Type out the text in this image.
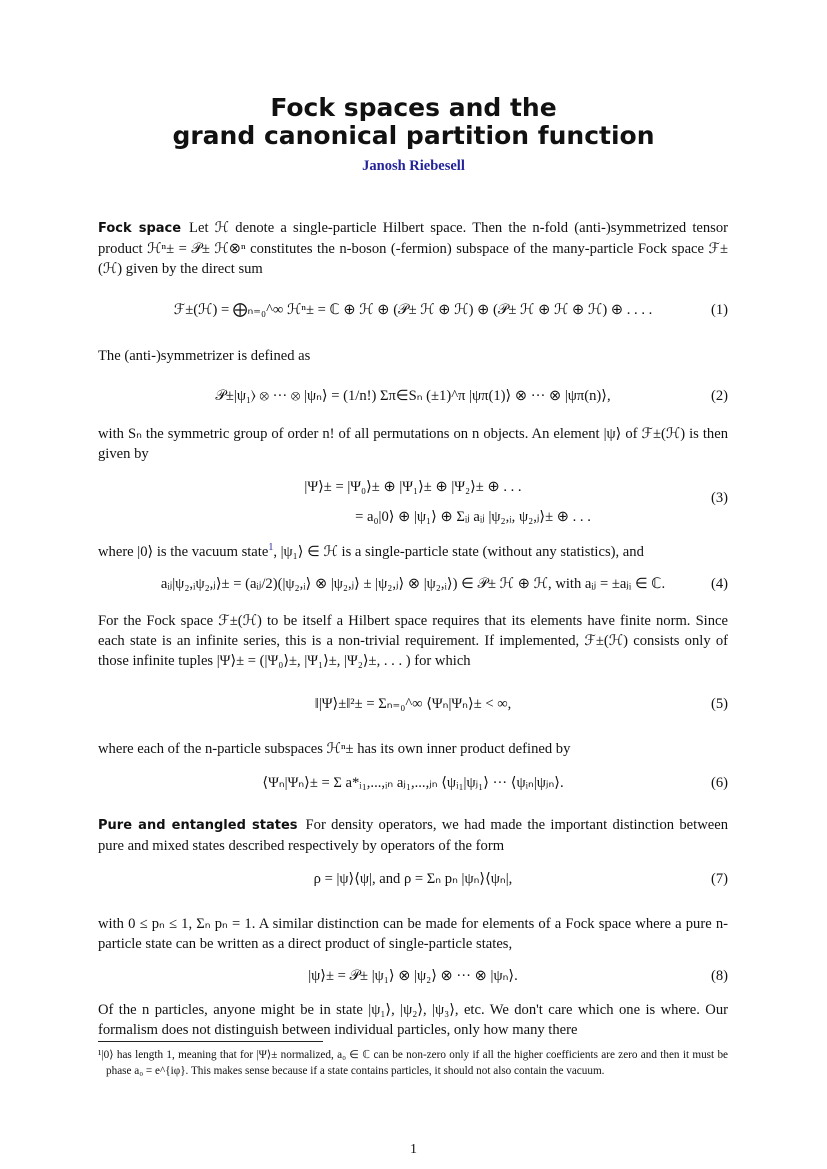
Fock spaces and the
grand canonical partition function
Janosh Riebesell
Fock space Let ℋ denote a single-particle Hilbert space. Then the n-fold (anti-)symmetrized tensor product ℋⁿ± = 𝒫± ℋ⊗ⁿ constitutes the n-boson (-fermion) subspace of the many-particle Fock space ℱ±(ℋ) given by the direct sum
ℱ±(ℋ) = ⨁ₙ₌₀^∞ ℋⁿ± = ℂ ⊕ ℋ ⊕ (𝒫± ℋ ⊕ ℋ) ⊕ (𝒫± ℋ ⊕ ℋ ⊕ ℋ) ⊕ . . . .	(1)
The (anti-)symmetrizer is defined as
𝒫±|ψ₁⟩ ⊗ ··· ⊗ |ψₙ⟩ = (1/n!) Σπ∈Sₙ (±1)^π |ψπ(1)⟩ ⊗ ··· ⊗ |ψπ(n)⟩,	(2)
with Sₙ the symmetric group of order n! of all permutations on n objects. An element |ψ⟩ of ℱ±(ℋ) is then given by
|Ψ⟩± = |Ψ₀⟩± ⊕ |Ψ₁⟩± ⊕ |Ψ₂⟩± ⊕ . . .
(3)
= a₀|0⟩ ⊕ |ψ₁⟩ ⊕ Σᵢⱼ aᵢⱼ |ψ₂,ᵢ, ψ₂,ⱼ⟩± ⊕ . . .
where |0⟩ is the vacuum state$^1$, |ψ₁⟩ ∈ ℋ is a single-particle state (without any statistics), and
aᵢⱼ|ψ₂,ᵢψ₂,ⱼ⟩± = (aᵢⱼ/2)(|ψ₂,ᵢ⟩ ⊗ |ψ₂,ⱼ⟩ ± |ψ₂,ⱼ⟩ ⊗ |ψ₂,ᵢ⟩) ∈ 𝒫± ℋ ⊕ ℋ, with aᵢⱼ = ±aⱼᵢ ∈ ℂ.	(4)
For the Fock space ℱ±(ℋ) to be itself a Hilbert space requires that its elements have finite norm. Since each state is an infinite series, this is a non-trivial requirement. If implemented, ℱ±(ℋ) consists only of those infinite tuples |Ψ⟩± = (|Ψ₀⟩±, |Ψ₁⟩±, |Ψ₂⟩±, . . . ) for which
‖|Ψ⟩±‖²± = Σₙ₌₀^∞ ⟨Ψₙ|Ψₙ⟩± < ∞,	(5)
where each of the n-particle subspaces ℋⁿ± has its own inner product defined by
⟨Ψₙ|Ψₙ⟩± = Σ a*ᵢ₁,...,ᵢₙ aⱼ₁,...,ⱼₙ ⟨ψᵢ₁|ψⱼ₁⟩ ··· ⟨ψᵢₙ|ψⱼₙ⟩.	(6)
Pure and entangled states For density operators, we had made the important distinction between pure and mixed states described respectively by operators of the form
ρ = |ψ⟩⟨ψ|, and ρ = Σₙ pₙ |ψₙ⟩⟨ψₙ|,	(7)
with 0 ≤ pₙ ≤ 1, Σₙ pₙ = 1. A similar distinction can be made for elements of a Fock space where a pure n-particle state can be written as a direct product of single-particle states,
|ψ⟩± = 𝒫± |ψ₁⟩ ⊗ |ψ₂⟩ ⊗ ··· ⊗ |ψₙ⟩.	(8)
Of the n particles, anyone might be in state |ψ₁⟩, |ψ₂⟩, |ψ₃⟩, etc. We don't care which one is where. Our formalism does not distinguish between individual particles, only how many there
¹|0⟩ has length 1, meaning that for |Ψ⟩± normalized, a₀ ∈ ℂ can be non-zero only if all the higher coefficients are zero and then it must be phase a₀ = e^{iφ}. This makes sense because if a state contains particles, it should not also contain the vacuum.
1
